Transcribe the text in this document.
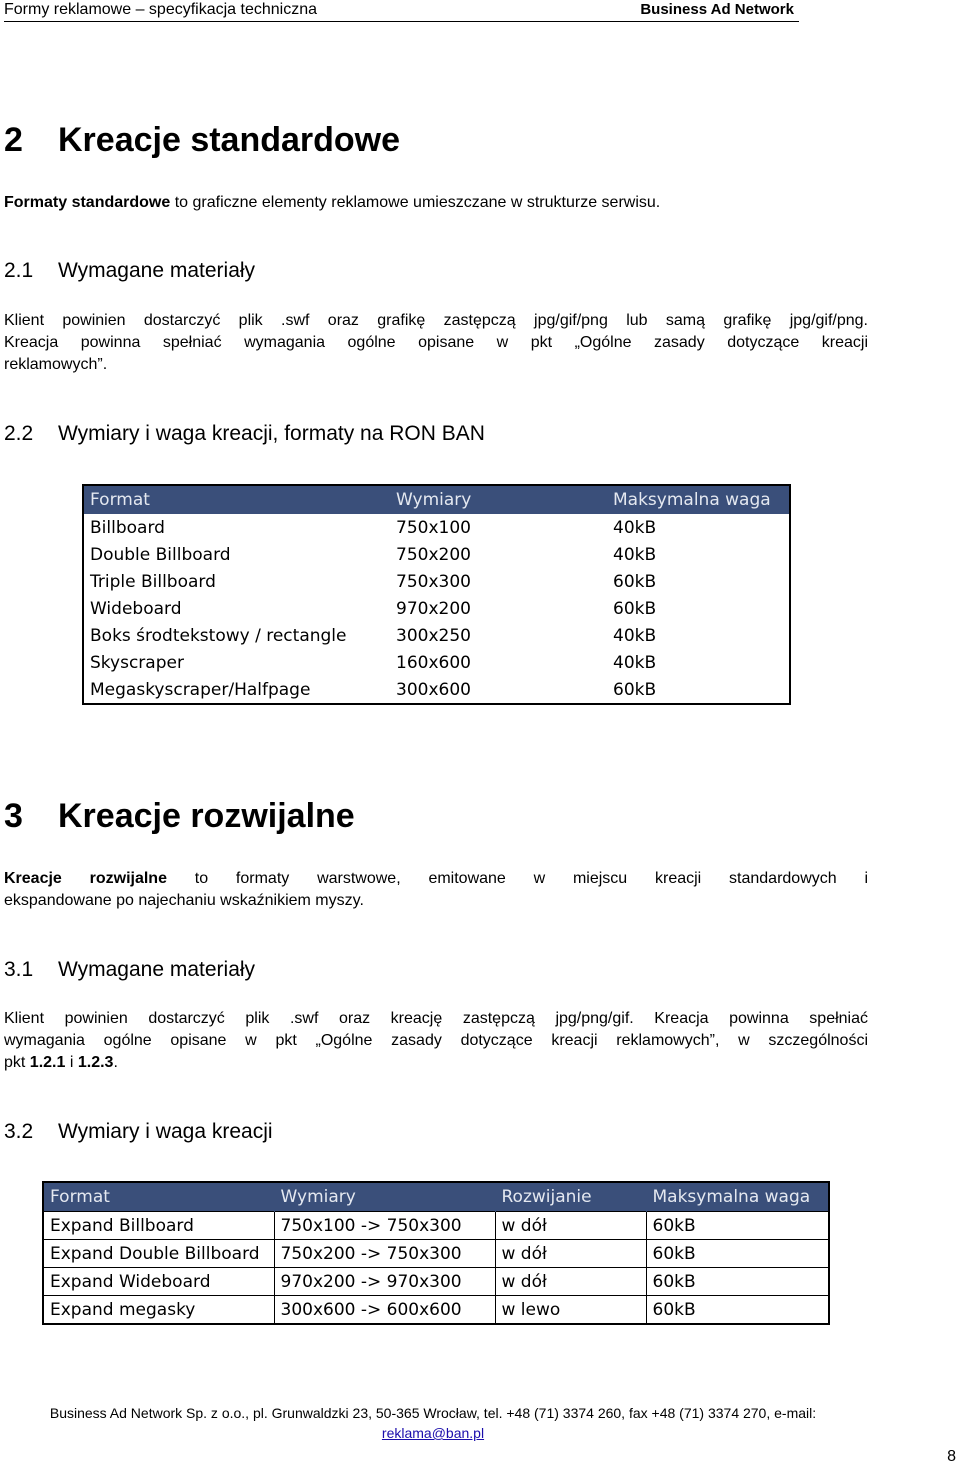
Formy reklamowe – specyfikacja techniczna	Business Ad Network
2 Kreacje standardowe
Formaty standardowe to graficzne elementy reklamowe umieszczane w strukturze serwisu.
2.1 Wymagane materiały
Klient powinien dostarczyć plik .swf oraz grafikę zastępczą jpg/gif/png lub samą grafikę jpg/gif/png.
Kreacja powinna spełniać wymagania ogólne opisane w pkt „Ogólne zasady dotyczące kreacji
reklamowych”.
2.2 Wymiary i waga kreacji, formaty na RON BAN
Format	Wymiary	Maksymalna waga
Billboard	750x100	40kB
Double Billboard	750x200	40kB
Triple Billboard	750x300	60kB
Wideboard	970x200	60kB
Boks środtekstowy / rectangle	300x250	40kB
Skyscraper	160x600	40kB
Megaskyscraper/Halfpage	300x600	60kB
3 Kreacje rozwijalne
Kreacje rozwijalne to formaty warstwowe, emitowane w miejscu kreacji standardowych i
ekspandowane po najechaniu wskaźnikiem myszy.
3.1 Wymagane materiały
Klient powinien dostarczyć plik .swf oraz kreację zastępczą jpg/png/gif. Kreacja powinna spełniać
wymagania ogólne opisane w pkt „Ogólne zasady dotyczące kreacji reklamowych”, w szczególności
pkt 1.2.1 i 1.2.3.
3.2 Wymiary i waga kreacji
Format	Wymiary	Rozwijanie	Maksymalna waga
Expand Billboard	750x100 -> 750x300	w dół	60kB
Expand Double Billboard	750x200 -> 750x300	w dół	60kB
Expand Wideboard	970x200 -> 970x300	w dół	60kB
Expand megasky	300x600 -> 600x600	w lewo	60kB
Business Ad Network Sp. z o.o., pl. Grunwaldzki 23, 50-365 Wrocław, tel. +48 (71) 3374 260, fax +48 (71) 3374 270, e-mail:
reklama@ban.pl
8
